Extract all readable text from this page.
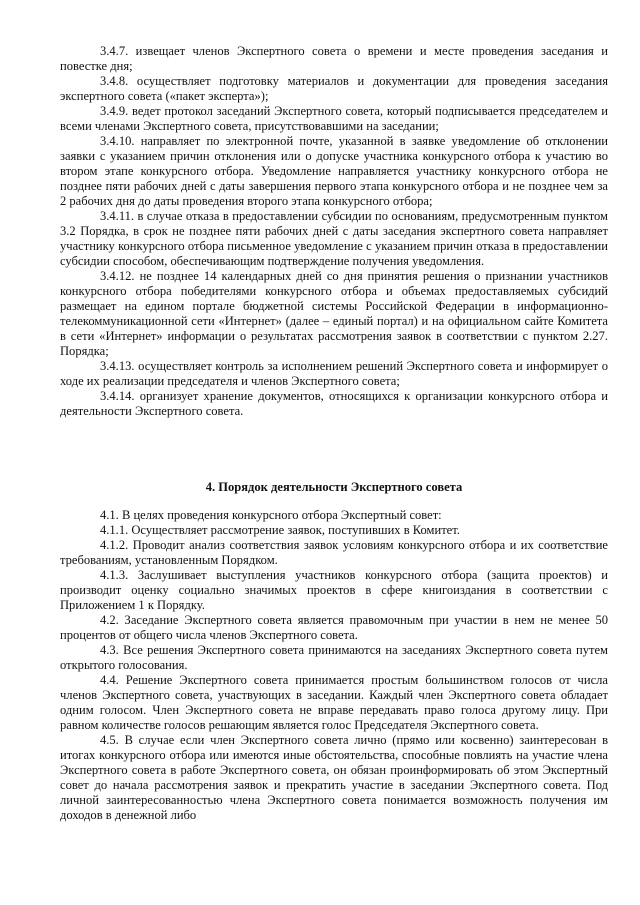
3.4.7. извещает членов Экспертного совета о времени и месте проведения заседания и повестке дня;

3.4.8. осуществляет подготовку материалов и документации для проведения заседания экспертного совета («пакет эксперта»);

3.4.9. ведет протокол заседаний Экспертного совета, который подписывается председателем и всеми членами Экспертного совета, присутствовавшими на заседании;

3.4.10. направляет по электронной почте, указанной в заявке уведомление об отклонении заявки с указанием причин отклонения или о допуске участника конкурсного отбора к участию во втором этапе конкурсного отбора. Уведомление направляется участнику конкурсного отбора не позднее пяти рабочих дней с даты завершения первого этапа конкурсного отбора и не позднее чем за 2 рабочих дня до даты проведения второго этапа конкурсного отбора;

3.4.11. в случае отказа в предоставлении субсидии по основаниям, предусмотренным пунктом 3.2 Порядка, в срок не позднее пяти рабочих дней с даты заседания экспертного совета направляет участнику конкурсного отбора письменное уведомление с указанием причин отказа в предоставлении субсидии способом, обеспечивающим подтверждение получения уведомления.

3.4.12. не позднее 14 календарных дней со дня принятия решения о признании участников конкурсного отбора победителями конкурсного отбора и объемах предоставляемых субсидий размещает на едином портале бюджетной системы Российской Федерации в информационно-телекоммуникационной сети «Интернет» (далее – единый портал) и на официальном сайте Комитета в сети «Интернет» информации о результатах рассмотрения заявок в соответствии с пунктом 2.27. Порядка;

3.4.13. осуществляет контроль за исполнением решений Экспертного совета и информирует о ходе их реализации председателя и членов Экспертного совета;

3.4.14. организует хранение документов, относящихся к организации конкурсного отбора и деятельности Экспертного совета.

4. Порядок деятельности Экспертного совета

4.1. В целях проведения конкурсного отбора Экспертный совет:

4.1.1. Осуществляет рассмотрение заявок, поступивших в Комитет.

4.1.2. Проводит анализ соответствия заявок условиям конкурсного отбора и их соответствие требованиям, установленным Порядком.

4.1.3. Заслушивает выступления участников конкурсного отбора (защита проектов) и производит оценку социально значимых проектов в сфере книгоиздания в соответствии с Приложением 1 к Порядку.

4.2. Заседание Экспертного совета является правомочным при участии в нем не менее 50 процентов от общего числа членов Экспертного совета.

4.3. Все решения Экспертного совета принимаются на заседаниях Экспертного совета путем открытого голосования.

4.4. Решение Экспертного совета принимается простым большинством голосов от числа членов Экспертного совета, участвующих в заседании. Каждый член Экспертного совета обладает одним голосом. Член Экспертного совета не вправе передавать право голоса другому лицу. При равном количестве голосов решающим является голос Председателя Экспертного совета.

4.5. В случае если член Экспертного совета лично (прямо или косвенно) заинтересован в итогах конкурсного отбора или имеются иные обстоятельства, способные повлиять на участие члена Экспертного совета в работе Экспертного совета, он обязан проинформировать об этом Экспертный совет до начала рассмотрения заявок и прекратить участие в заседании Экспертного совета. Под личной заинтересованностью члена Экспертного совета понимается возможность получения им доходов в денежной либо
